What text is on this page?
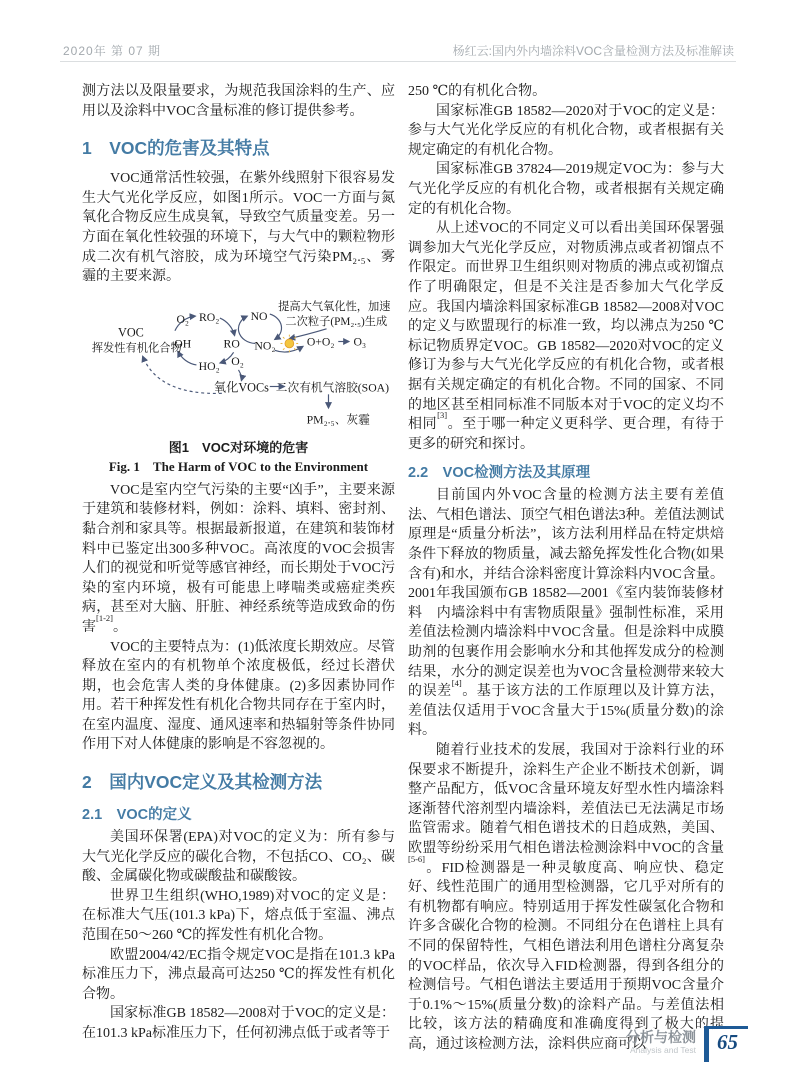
2020年 第 07 期	杨红云:国内外内墙涂料VOC含量检测方法及标准解读

测方法以及限量要求，为规范我国涂料的生产、应用以及涂料中VOC含量标准的修订提供参考。

1　VOC的危害及其特点

VOC通常活性较强，在紫外线照射下很容易发生大气光化学反应，如图1所示。VOC一方面与氮氧化合物反应生成臭氧，导致空气质量变差。另一方面在氧化性较强的环境下，与大气中的颗粒物形成二次有机气溶胶，成为环境空气污染PM₂.₅、雾霾的主要来源。

VOC
挥发性有机化合物
O₂ RO₂
OH	RO
HO₂ O₂
NO
NO₂	O+O₂ O₃
提高大气氧化性，加速
二次粒子(PM₂.₅)生成
氧化VOCs 二次有机气溶胶(SOA)
PM₂.₅、灰霾
图1　VOC对环境的危害
Fig. 1　The Harm of VOC to the Environment

VOC是室内空气污染的主要“凶手”，主要来源于建筑和装修材料，例如：涂料、填料、密封剂、黏合剂和家具等。根据最新报道，在建筑和装饰材料中已鉴定出300多种VOC。高浓度的VOC会损害人们的视觉和听觉等感官神经，而长期处于VOC污染的室内环境，极有可能患上哮喘类或癌症类疾病，甚至对大脑、肝脏、神经系统等造成致命的伤害[1-2]。

VOC的主要特点为：(1)低浓度长期效应。尽管释放在室内的有机物单个浓度极低，经过长潜伏期，也会危害人类的身体健康。(2)多因素协同作用。若干种挥发性有机化合物共同存在于室内时，在室内温度、湿度、通风速率和热辐射等条件协同作用下对人体健康的影响是不容忽视的。

2　国内VOC定义及其检测方法
2.1　VOC的定义

美国环保署(EPA)对VOC的定义为：所有参与大气光化学反应的碳化合物，不包括CO、CO₂、碳酸、金属碳化物或碳酸盐和碳酸铵。

世界卫生组织(WHO,1989)对VOC的定义是：在标准大气压(101.3 kPa)下，熔点低于室温、沸点范围在50～260 ℃的挥发性有机化合物。

欧盟2004/42/EC指令规定VOC是指在101.3 kPa标准压力下，沸点最高可达250 ℃的挥发性有机化合物。

国家标准GB 18582—2008对于VOC的定义是：在101.3 kPa标准压力下，任何初沸点低于或者等于

250 ℃的有机化合物。

国家标准GB 18582—2020对于VOC的定义是：参与大气光化学反应的有机化合物，或者根据有关规定确定的有机化合物。

国家标准GB 37824—2019规定VOC为：参与大气光化学反应的有机化合物，或者根据有关规定确定的有机化合物。

从上述VOC的不同定义可以看出美国环保署强调参加大气光化学反应，对物质沸点或者初馏点不作限定。而世界卫生组织则对物质的沸点或初馏点作了明确限定，但是不关注是否参加大气化学反应。我国内墙涂料国家标准GB 18582—2008对VOC的定义与欧盟现行的标准一致，均以沸点为250 ℃标记物质界定VOC。GB 18582—2020对VOC的定义修订为参与大气光化学反应的有机化合物，或者根据有关规定确定的有机化合物。不同的国家、不同的地区甚至相同标准不同版本对于VOC的定义均不相同[3]。至于哪一种定义更科学、更合理，有待于更多的研究和探讨。

2.2　VOC检测方法及其原理

目前国内外VOC含量的检测方法主要有差值法、气相色谱法、顶空气相色谱法3种。差值法测试原理是“质量分析法”，该方法利用样品在特定烘焙条件下释放的物质量，减去豁免挥发性化合物(如果含有)和水，并结合涂料密度计算涂料内VOC含量。2001年我国颁布GB 18582—2001《室内装饰装修材料　内墙涂料中有害物质限量》强制性标准，采用差值法检测内墙涂料中VOC含量。但是涂料中成膜助剂的包裹作用会影响水分和其他挥发成分的检测结果，水分的测定误差也为VOC含量检测带来较大的误差[4]。基于该方法的工作原理以及计算方法，差值法仅适用于VOC含量大于15%(质量分数)的涂料。

随着行业技术的发展，我国对于涂料行业的环保要求不断提升，涂料生产企业不断技术创新，调整产品配方，低VOC含量环境友好型水性内墙涂料逐渐替代溶剂型内墙涂料，差值法已无法满足市场监管需求。随着气相色谱技术的日趋成熟，美国、欧盟等纷纷采用气相色谱法检测涂料中VOC的含量[5-6]。FID检测器是一种灵敏度高、响应快、稳定好、线性范围广的通用型检测器，它几乎对所有的有机物都有响应。特别适用于挥发性碳氢化合物和许多含碳化合物的检测。不同组分在色谱柱上具有不同的保留特性，气相色谱法利用色谱柱分离复杂的VOC样品，依次导入FID检测器，得到各组分的检测信号。气相色谱法主要适用于预期VOC含量介于0.1%～15%(质量分数)的涂料产品。与差值法相比较，该方法的精确度和准确度得到了极大的提高，通过该检测方法，涂料供应商可以

分析与检测
Analysis and Test	65
